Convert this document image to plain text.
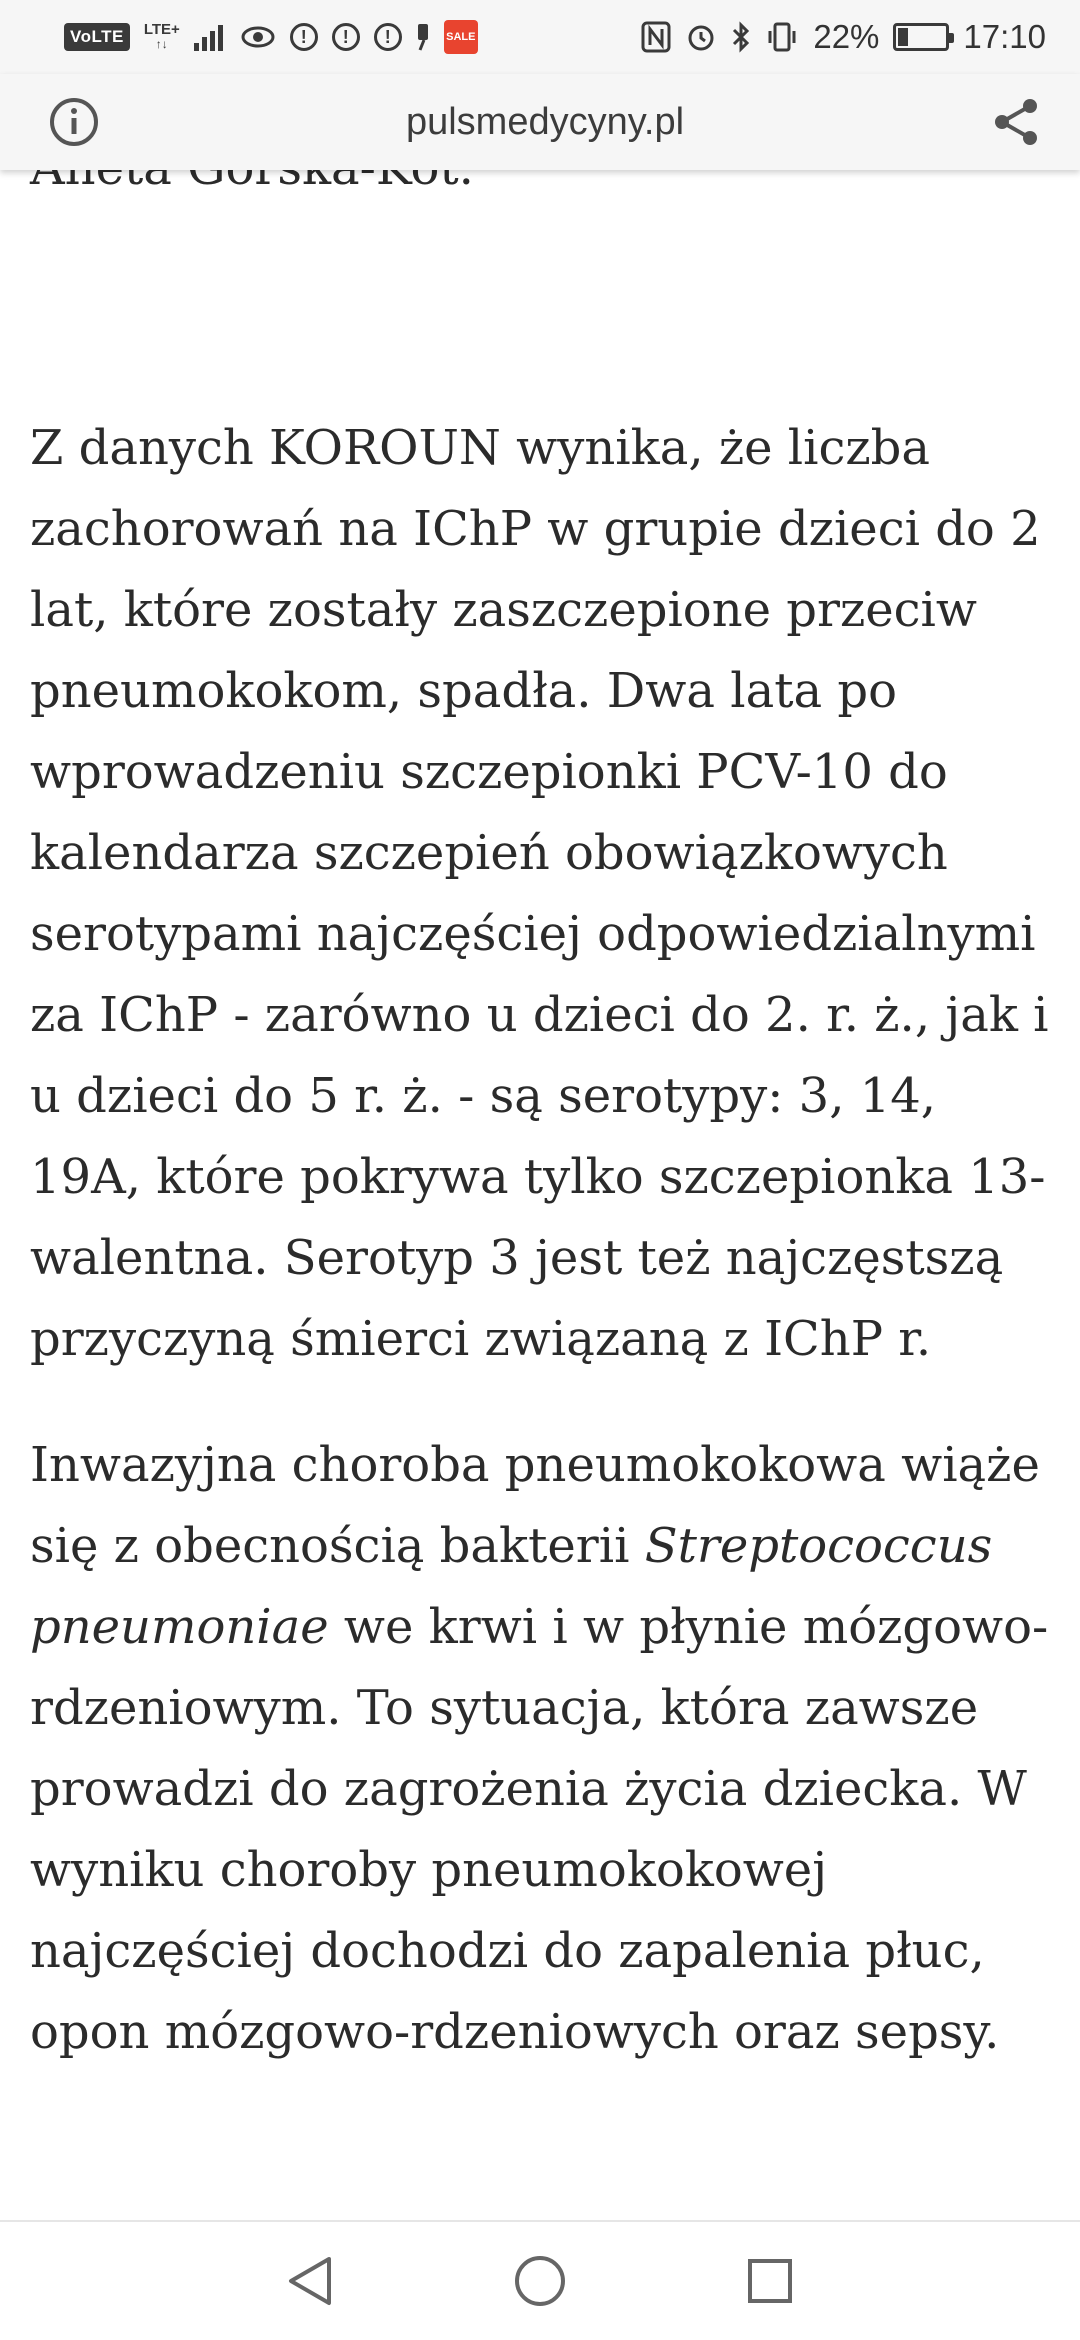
VoLTE	LTE+
↑↓	!	!	!	SALE	22%	17:10
pulsmedycyny.pl

Z danych KOROUN wynika, że liczba zachorowań na IChP w grupie dzieci do 2 lat, które zostały zaszczepione przeciw pneumokokom, spadła. Dwa lata po wprowadzeniu szczepionki PCV-10 do kalendarza szczepień obowiązkowych serotypami najczęściej odpowiedzialnymi za IChP - zarówno u dzieci do 2. r. ż., jak i u dzieci do 5 r. ż. - są serotypy: 3, 14, 19A, które pokrywa tylko szczepionka 13-walentna. Serotyp 3 jest też najczęstszą przyczyną śmierci związaną z IChP r.

Inwazyjna choroba pneumokokowa wiąże się z obecnością bakterii Streptococcus pneumoniae we krwi i w płynie mózgowo-rdzeniowym. To sytuacja, która zawsze prowadzi do zagrożenia życia dziecka. W wyniku choroby pneumokokowej najczęściej dochodzi do zapalenia płuc, opon mózgowo-rdzeniowych oraz sepsy.
